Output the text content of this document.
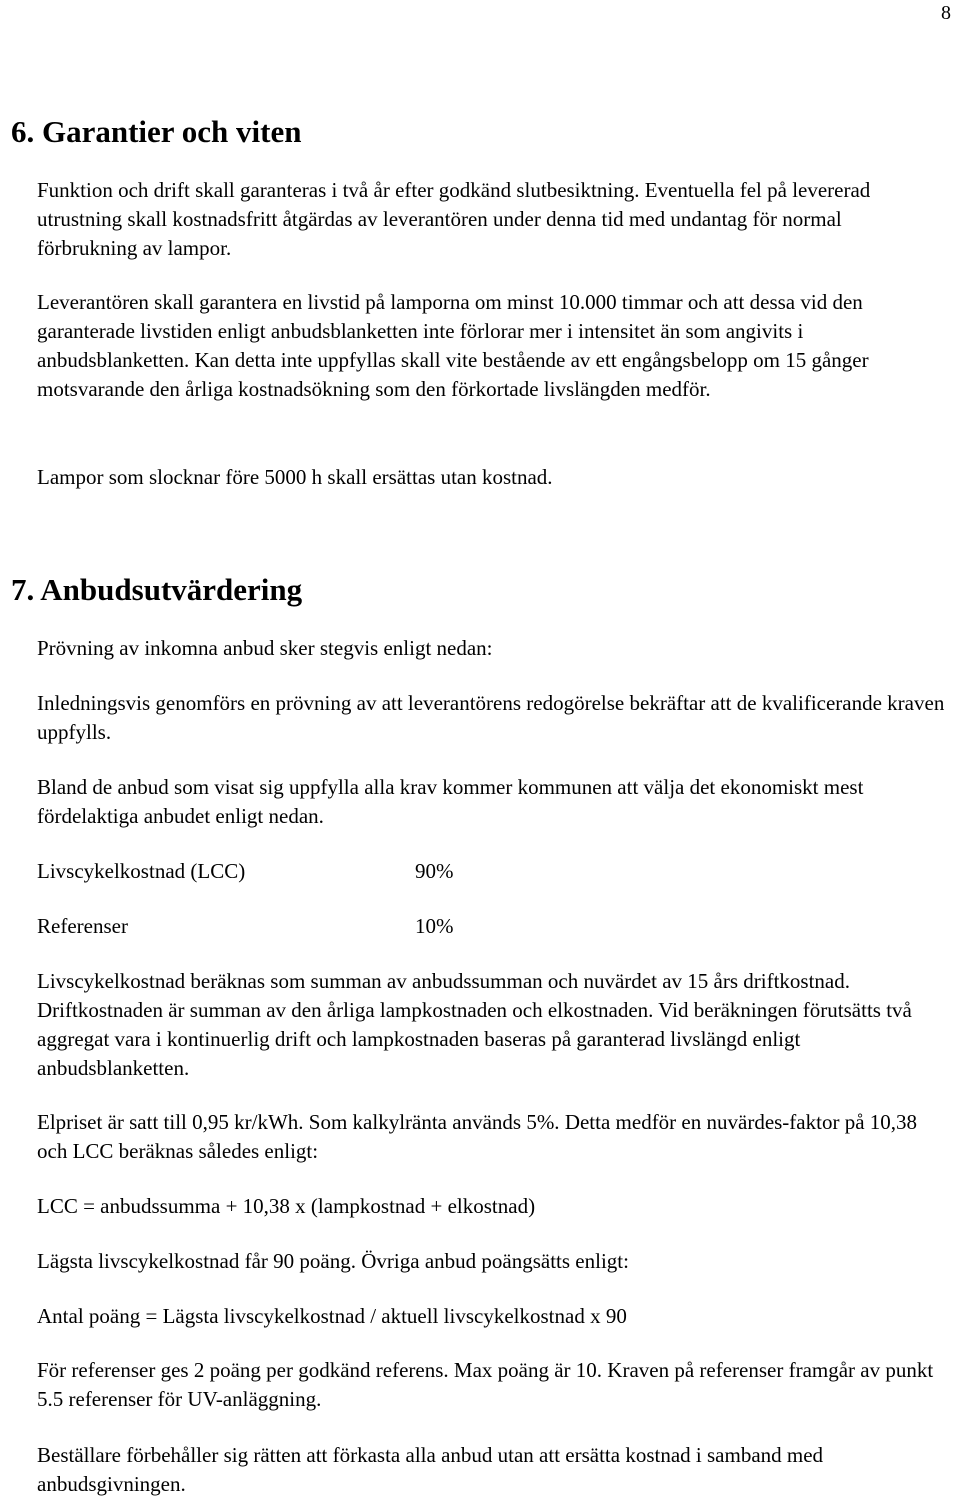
8
6. Garantier och viten

Funktion och drift skall garanteras i två år efter godkänd slutbesiktning. Eventuella fel på levererad utrustning skall kostnadsfritt åtgärdas av leverantören under denna tid med undantag för normal förbrukning av lampor.

Leverantören skall garantera en livstid på lamporna om minst 10.000 timmar och att dessa vid den garanterade livstiden enligt anbudsblanketten inte förlorar mer i intensitet än som angivits i anbudsblanketten. Kan detta inte uppfyllas skall vite bestående av ett engångsbelopp om 15 gånger motsvarande den årliga kostnadsökning som den förkortade livslängden medför.

Lampor som slocknar före 5000 h skall ersättas utan kostnad.

7. Anbudsutvärdering

Prövning av inkomna anbud sker stegvis enligt nedan:

Inledningsvis genomförs en prövning av att leverantörens redogörelse bekräftar att de kvalificerande kraven uppfylls.

Bland de anbud som visat sig uppfylla alla krav kommer kommunen att välja det ekonomiskt mest fördelaktiga anbudet enligt nedan.

Livscykelkostnad (LCC)	90%

Referenser	10%

Livscykelkostnad beräknas som summan av anbudssumman och nuvärdet av 15 års driftkostnad. Driftkostnaden är summan av den årliga lampkostnaden och elkostnaden. Vid beräkningen förutsätts två aggregat vara i kontinuerlig drift och lampkostnaden baseras på garanterad livslängd enligt anbudsblanketten.

Elpriset är satt till 0,95 kr/kWh. Som kalkylränta används 5%. Detta medför en nuvärdes-faktor på 10,38 och LCC beräknas således enligt:

LCC = anbudssumma + 10,38 x (lampkostnad + elkostnad)

Lägsta livscykelkostnad får 90 poäng. Övriga anbud poängsätts enligt:

Antal poäng = Lägsta livscykelkostnad / aktuell livscykelkostnad x 90

För referenser ges 2 poäng per godkänd referens. Max poäng är 10. Kraven på referenser framgår av punkt 5.5 referenser för UV-anläggning.

Beställare förbehåller sig rätten att förkasta alla anbud utan att ersätta kostnad i samband med anbudsgivningen.
